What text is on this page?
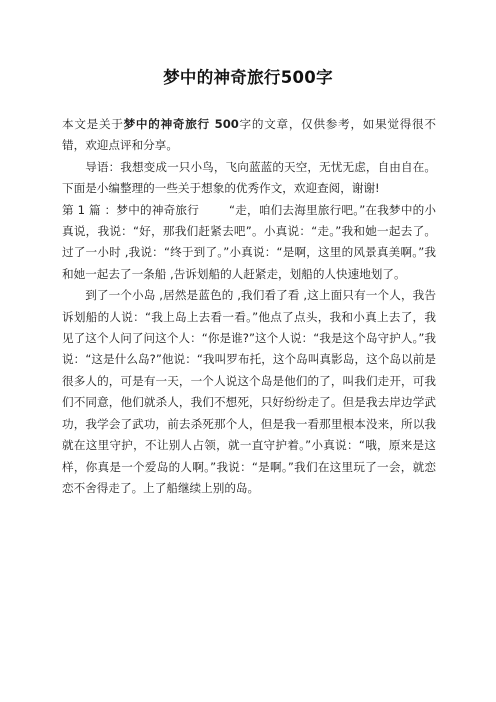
梦中的神奇旅行500字

本文是关于梦中的神奇旅行 500字的文章，仅供参考，如果觉得很不错，欢迎点评和分享。

导语：我想变成一只小鸟，飞向蓝蓝的天空，无忧无虑，自由自在。下面是小编整理的一些关于想象的优秀作文，欢迎查阅，谢谢!

第 1 篇 ：梦中的神奇旅行	“走，咱们去海里旅行吧。”在我梦中的小真说，我说：“好，那我们赶紧去吧”。小真说：“走。”我和她一起去了。过了一小时 ,我说：“终于到了。”小真说：“是啊，这里的风景真美啊。”我和她一起去了一条船 ,告诉划船的人赶紧走，划船的人快速地划了。

到了一个小岛 ,居然是蓝色的 ,我们看了看 ,这上面只有一个人，我告诉划船的人说：“我上岛上去看一看。”他点了点头，我和小真上去了，我见了这个人问了问这个人：“你是谁?”这个人说：“我是这个岛守护人。”我说：“这是什么岛?”他说：“我叫罗布托，这个岛叫真影岛，这个岛以前是很多人的，可是有一天，一个人说这个岛是他们的了，叫我们走开，可我们不同意，他们就杀人，我们不想死，只好纷纷走了。但是我去岸边学武功，我学会了武功，前去杀死那个人，但是我一看那里根本没来，所以我就在这里守护，不让别人占领，就一直守护着。”小真说：“哦，原来是这样，你真是一个爱岛的人啊。”我说：“是啊。”我们在这里玩了一会，就恋恋不舍得走了。上了船继续上别的岛。
